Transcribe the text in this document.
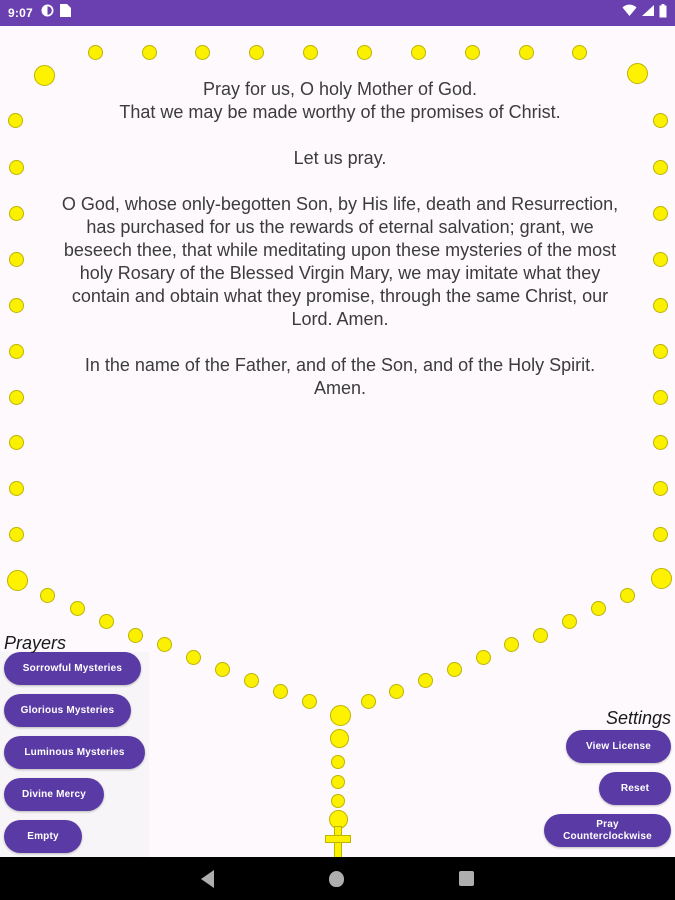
9:07

Pray for us, O holy Mother of God.
That we may be made worthy of the promises of Christ.

Let us pray.

O God, whose only-begotten Son, by His life, death and Resurrection, has purchased for us the rewards of eternal salvation; grant, we beseech thee, that while meditating upon these mysteries of the most holy Rosary of the Blessed Virgin Mary, we may imitate what they contain and obtain what they promise, through the same Christ, our Lord. Amen.

In the name of the Father, and of the Son, and of the Holy Spirit. Amen.

Prayers
Sorrowful Mysteries
Glorious Mysteries
Luminous Mysteries
Divine Mercy
Empty
Settings
View License
Reset
Pray Counterclockwise
